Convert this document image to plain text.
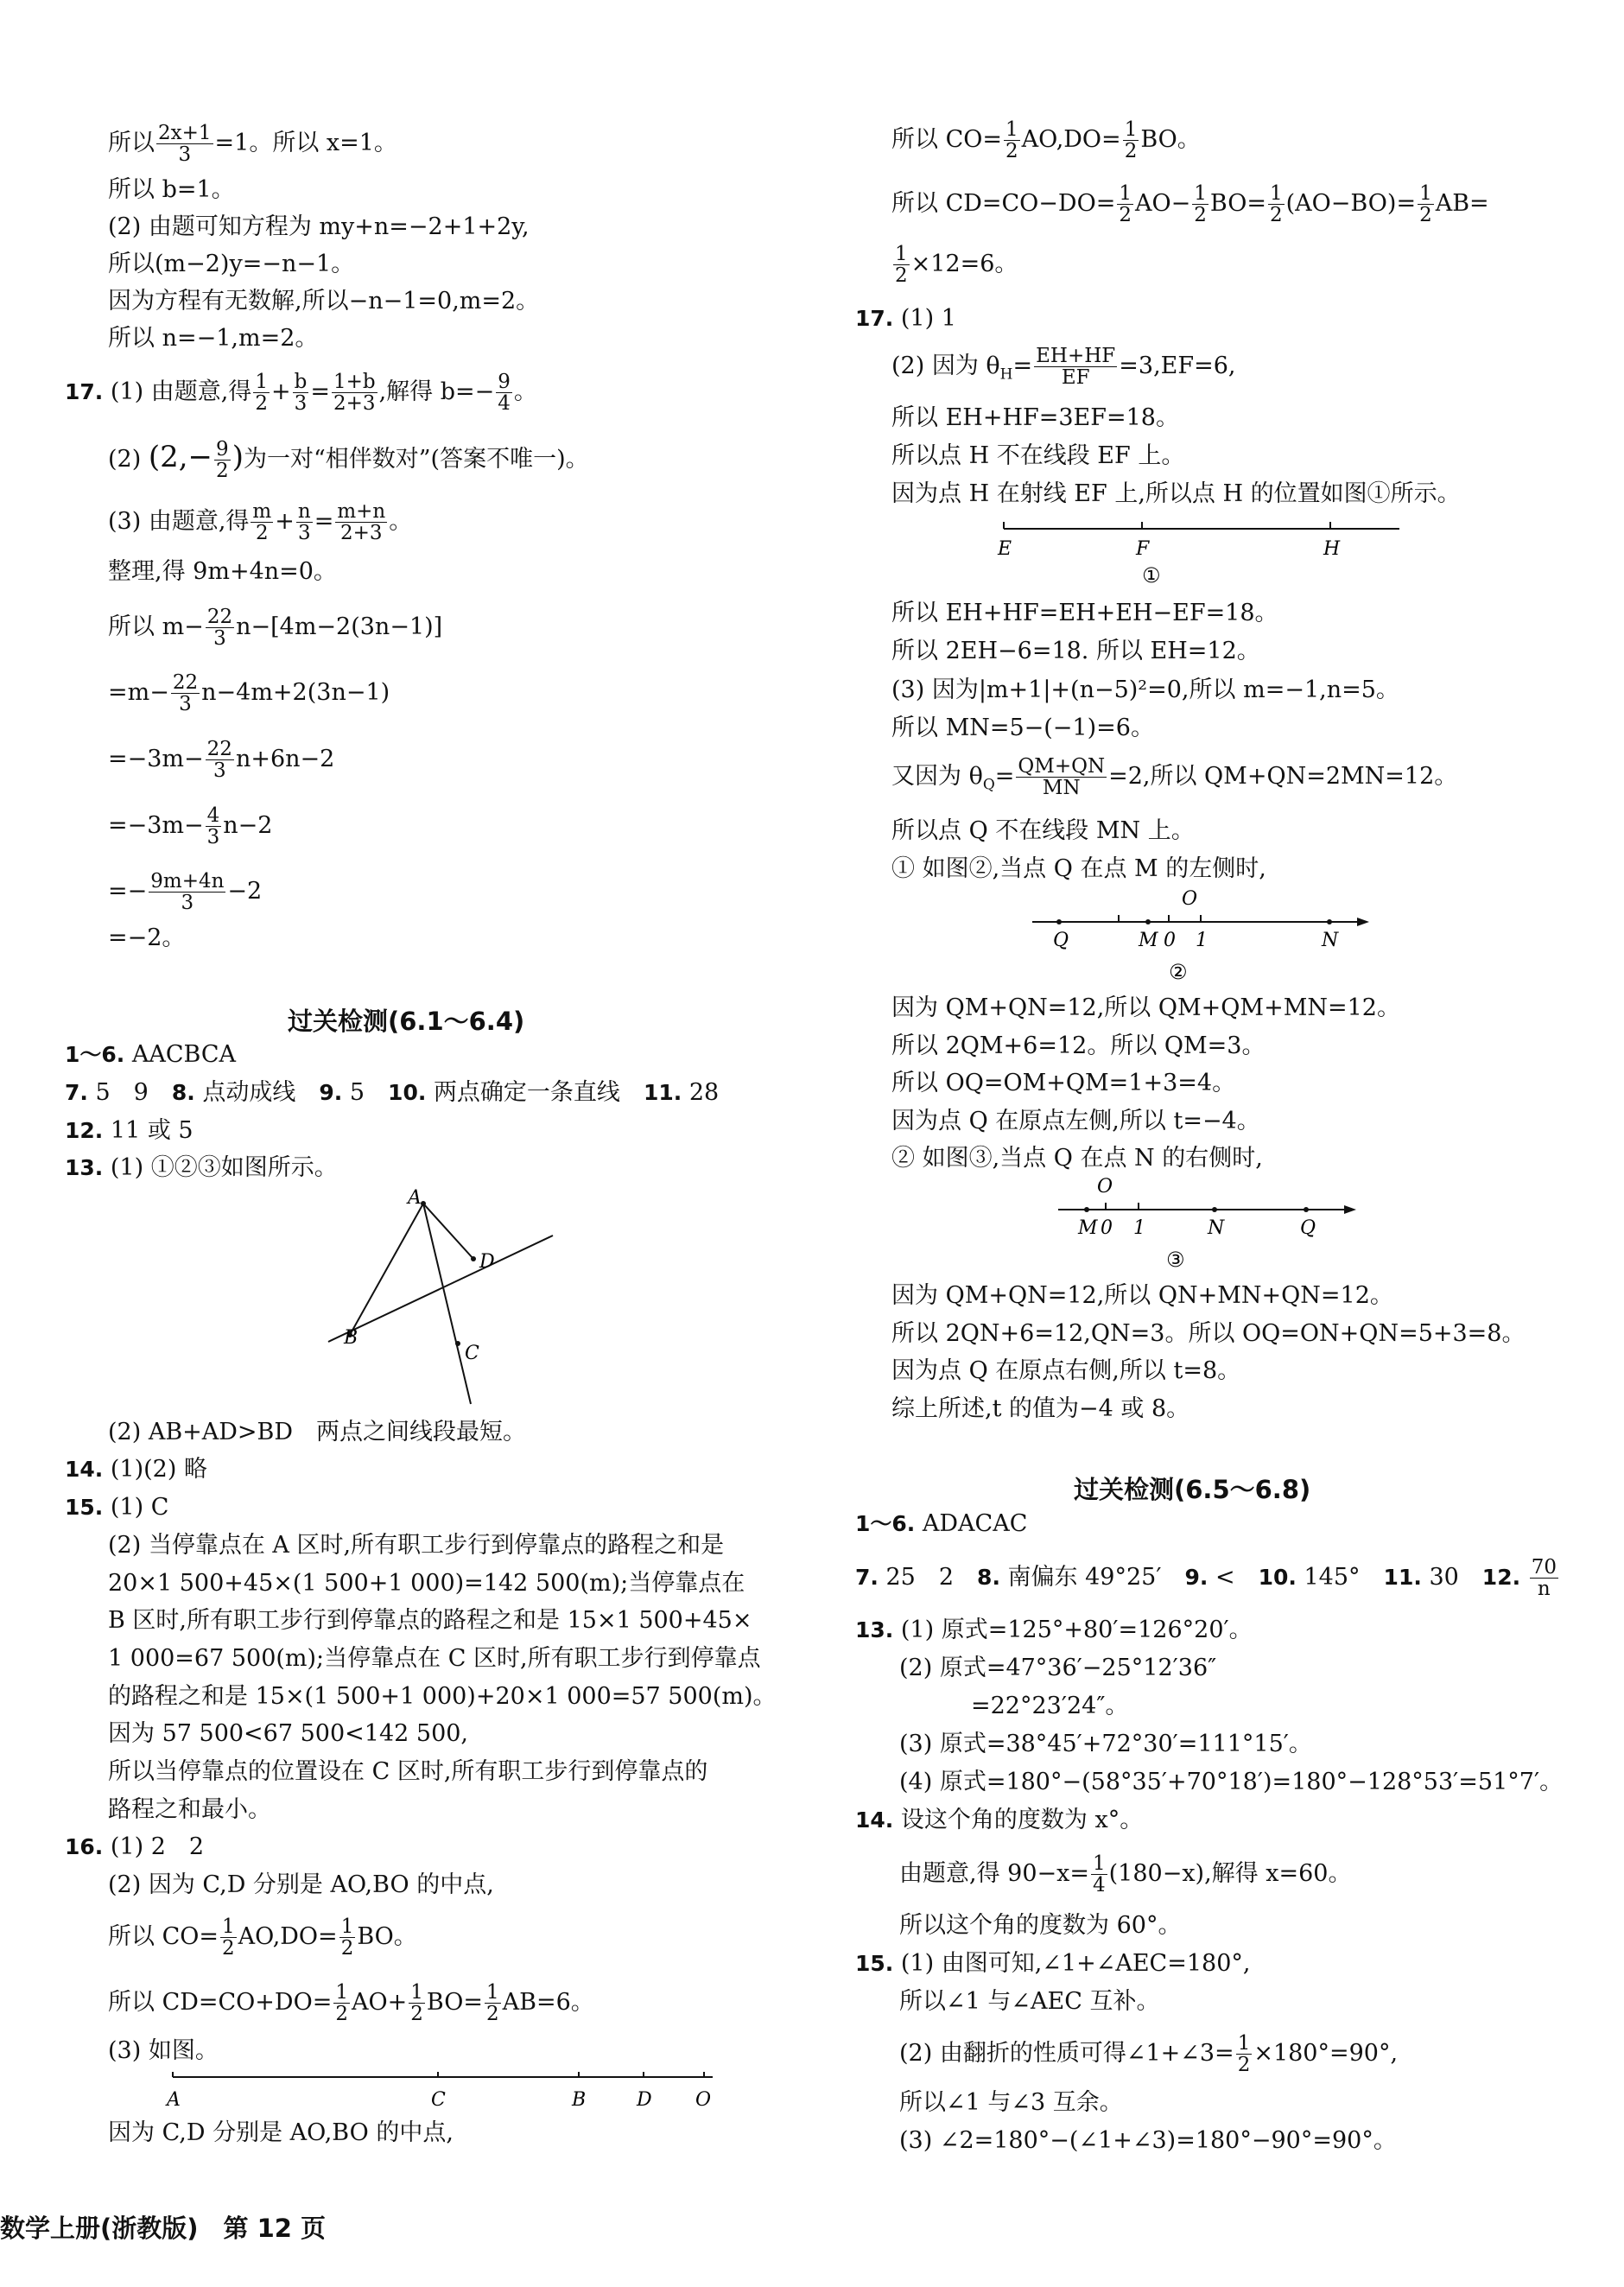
所以 $\frac{2x+1}{3} =1$。所以 x=1。
所以 b=1。
(2) 由题可知方程为 my+n=−2+1+2y,
所以(m−2)y=−n−1。
因为方程有无数解,所以−n−1=0,m=2。
所以 n=−1,m=2。
17. (1) 由题意,得 $\frac{1}{2} + \frac{b}{3} = \frac{1+b}{2+3}$ ,解得 $b=- \frac{9}{4}$ 。
(2) ($2,- \frac{9}{2}$ )为一对“相伴数对”(答案不唯一)。
(3) 由题意,得 $\frac{m}{2} + \frac{n}{3} = \frac{m+n}{2+3}$ 。
整理,得 9m+4n=0。
所以 $m- \frac{22}{3} n-[4m-2(3n-1)]$
$=m- \frac{22}{3} n-4m+2(3n-1)$
$=-3m- \frac{22}{3} n+6n-2$
$=-3m- \frac{4}{3} n-2$
=− $\frac{9m+4n}{3} -2$
=−2。
过关检测(6.1～6.4)
1～6. AACBCA
7. 5　9　 8. 点动成线　 9. 5　 10. 两点确定一条直线　 11. 28
12. 11 或 5
13. (1) ①②③如图所示。
A
B
C
D
(2) AB+AD>BD　两点之间线段最短。
14. (1)(2) 略
15. (1) C
(2) 当停靠点在 A 区时,所有职工步行到停靠点的路程之和是
20×1 500+45×(1 500+1 000)=142 500(m);当停靠点在
B 区时,所有职工步行到停靠点的路程之和是 15×1 500+45×
1 000=67 500(m);当停靠点在 C 区时,所有职工步行到停靠点
的路程之和是 15×(1 500+1 000)+20×1 000=57 500(m)。
因为 57 500<67 500<142 500,
所以当停靠点的位置设在 C 区时,所有职工步行到停靠点的
路程之和最小。
16. (1) 2　2
(2) 因为 C,D 分别是 AO,BO 的中点,
所以 $CO= \frac{1}{2} AO,DO= \frac{1}{2}$ BO。
所以 $CD=CO+DO= \frac{1}{2} AO+ \frac{1}{2} BO= \frac{1}{2} AB=6$。
(3) 如图。
A	C	B	D O
因为 C,D 分别是 AO,BO 的中点,
所以 $CO= \frac{1}{2} AO,DO= \frac{1}{2}$ BO。
所以 $CD=CO-DO= \frac{1}{2} AO- \frac{1}{2} BO= \frac{1}{2} (AO-BO)= \frac{1}{2} AB=$
$\frac{1}{2} \times 12=6$。
17. (1) 1
(2) 因为 $\theta_H= \frac{EH+HF}{EF} =3,EF=6$,
所以 EH+HF=3EF=18。
所以点 H 不在线段 EF 上。
因为点 H 在射线 EF 上,所以点 H 的位置如图①所示。
E	F	H
①
所以 EH+HF=EH+EH−EF=18。
所以 2EH−6=18. 所以 EH=12。
(3) 因为|m+1|+(n−5)²=0,所以 m=−1,n=5。
所以 MN=5−(−1)=6。
又因为 $\theta_Q= \frac{QM+QN}{MN} =2$,所以 QM+QN=2MN=12。
所以点 Q 不在线段 MN 上。
① 如图②,当点 Q 在点 M 的左侧时,
O
Q	M 0 1	N
②
因为 QM+QN=12,所以 QM+QM+MN=12。
所以 2QM+6=12。所以 QM=3。
所以 OQ=OM+QM=1+3=4。
因为点 Q 在原点左侧,所以 t=−4。
② 如图③,当点 Q 在点 N 的右侧时,
O
M 0 1	N	Q
③
因为 QM+QN=12,所以 QN+MN+QN=12。
所以 2QN+6=12,QN=3。所以 OQ=ON+QN=5+3=8。
因为点 Q 在原点右侧,所以 t=8。
综上所述,t 的值为−4 或 8。
过关检测(6.5～6.8)
1～6. ADACAC
7. 25　2　 8. 南偏东 49°25′　 9. <　 10. 145°　 11. 30　 12. $\frac{70}{n}$
13. (1) 原式=125°+80′=126°20′。
(2) 原式=47°36′−25°12′36″
=22°23′24″。
(3) 原式=38°45′+72°30′=111°15′。
(4) 原式=180°−(58°35′+70°18′)=180°−128°53′=51°7′。
14. 设这个角的度数为 x°。
由题意,得 $90-x= \frac{1}{4} (180-x)$,解得 x=60。
所以这个角的度数为 60°。
15. (1) 由图可知,∠1+∠AEC=180°,
所以∠1 与∠AEC 互补。
(2) 由翻折的性质可得∠1+∠3= $\frac{1}{2} \times 180^\circ=90^\circ$,
所以∠1 与∠3 互余。
(3) ∠2=180°−(∠1+∠3)=180°−90°=90°。
数学上册(浙教版)　第 12 页
